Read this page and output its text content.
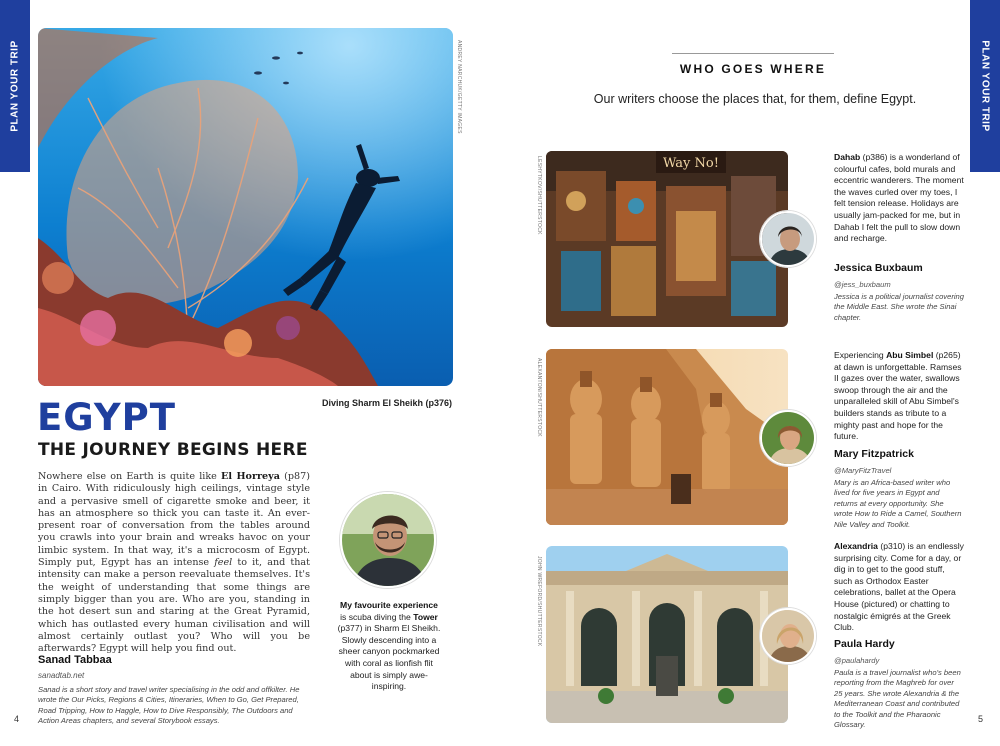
PLAN YOUR TRIP	PLAN YOUR TRIP
4	5
ANDREY NARCHUK/GETTY IMAGES
Diving Sharm El Sheikh (p376)
EGYPT
THE JOURNEY BEGINS HERE
Nowhere else on Earth is quite like El Horreya (p87) in Cairo. With ridiculously high ceilings, vintage style and a pervasive smell of cigarette smoke and beer, it has an atmosphere so thick you can taste it. An ever-present roar of conversation from the tables around you crawls into your brain and wreaks havoc on your limbic system. In that way, it's a microcosm of Egypt. Simply put, Egypt has an intense feel to it, and that intensity can make a person reevaluate themselves. It's the weight of understanding that some things are simply bigger than you are. Who are you, standing in the hot desert sun and staring at the Great Pyramid, which has outlasted every human civilisation and will almost certainly outlast you? Who will you be afterwards? Egypt will help you find out.
Sanad Tabbaa
sanadtab.net
Sanad is a short story and travel writer specialising in the odd and offkilter. He wrote the Our Picks, Regions & Cities, Itineraries, When to Go, Get Prepared, Road Tripping, How to Haggle, How to Dive Responsibly, The Outdoors and Action Areas chapters, and several Storybook essays.
My favourite experience is scuba diving the Tower (p377) in Sharm El Sheikh. Slowly descending into a sheer canyon pockmarked with coral as lionfish flit about is simply awe-inspiring.
WHO GOES WHERE
Our writers choose the places that, for them, define Egypt.
Way No!
LESHYTKOV/SHUTTERSTOCK	Dahab (p386) is a wonderland of colourful cafes, bold murals and eccentric wanderers. The moment the waves curled over my toes, I felt tension release. Holidays are usually jam-packed for me, but in Dahab I felt the pull to slow down and recharge.
Jessica Buxbaum
@jess_buxbaum
Jessica is a political journalist covering the Middle East. She wrote the Sinai chapter.
ALEXANTON/SHUTTERSTOCK
Experiencing Abu Simbel (p265) at dawn is unforgettable. Ramses II gazes over the water, swallows swoop through the air and the unparalleled skill of Abu Simbel's builders stands as tribute to a mighty past and hope for the future.
Mary Fitzpatrick
@MaryFitzTravel
Mary is an Africa-based writer who lived for five years in Egypt and returns at every opportunity. She wrote How to Ride a Camel, Southern Nile Valley and Toolkit.
JOHN WREFORD/SHUTTERSTOCK
Alexandria (p310) is an endlessly surprising city. Come for a day, or dig in to get to the good stuff, such as Orthodox Easter celebrations, ballet at the Opera House (pictured) or chatting to nostalgic émigrés at the Greek Club.
Paula Hardy
@paulahardy
Paula is a travel journalist who's been reporting from the Maghreb for over 25 years. She wrote Alexandria & the Mediterranean Coast and contributed to the Toolkit and the Pharaonic Glossary.
